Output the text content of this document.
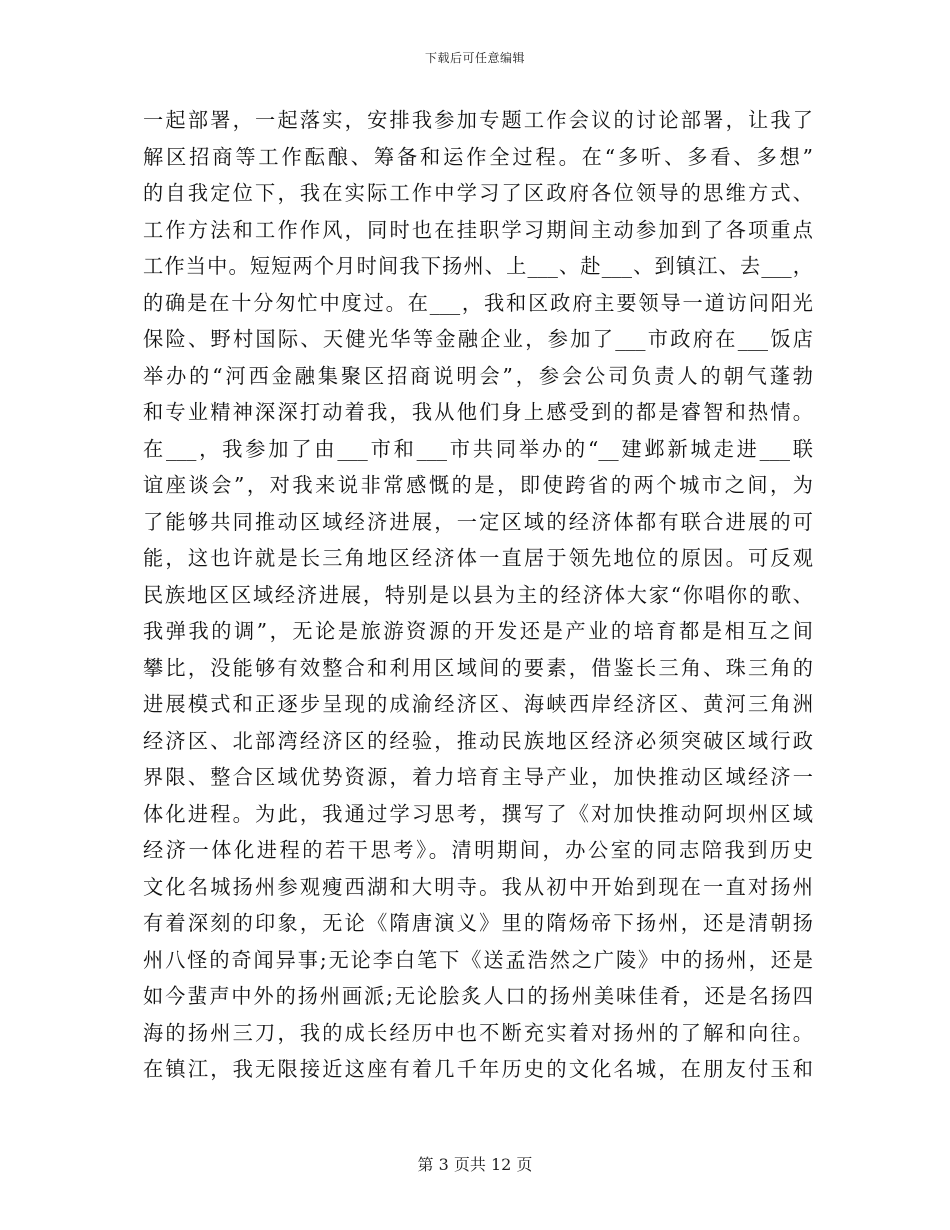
下载后可任意编辑
一起部署，一起落实，安排我参加专题工作会议的讨论部署，让我了
解区招商等工作酝酿、筹备和运作全过程。在“多听、多看、多想”
的自我定位下，我在实际工作中学习了区政府各位领导的思维方式、
工作方法和工作作风，同时也在挂职学习期间主动参加到了各项重点
工作当中。短短两个月时间我下扬州、上___、赴___、到镇江、去___，
的确是在十分匆忙中度过。在___，我和区政府主要领导一道访问阳光
保险、野村国际、天健光华等金融企业，参加了___市政府在___饭店
举办的“河西金融集聚区招商说明会”，参会公司负责人的朝气蓬勃
和专业精神深深打动着我，我从他们身上感受到的都是睿智和热情。
在___，我参加了由___市和___市共同举办的“__建邺新城走进___联
谊座谈会”，对我来说非常感慨的是，即使跨省的两个城市之间，为
了能够共同推动区域经济进展，一定区域的经济体都有联合进展的可
能，这也许就是长三角地区经济体一直居于领先地位的原因。可反观
民族地区区域经济进展，特别是以县为主的经济体大家“你唱你的歌、
我弹我的调”，无论是旅游资源的开发还是产业的培育都是相互之间
攀比，没能够有效整合和利用区域间的要素，借鉴长三角、珠三角的
进展模式和正逐步呈现的成渝经济区、海峡西岸经济区、黄河三角洲
经济区、北部湾经济区的经验，推动民族地区经济必须突破区域行政
界限、整合区域优势资源，着力培育主导产业，加快推动区域经济一
体化进程。为此，我通过学习思考，撰写了《对加快推动阿坝州区域
经济一体化进程的若干思考》。清明期间，办公室的同志陪我到历史
文化名城扬州参观瘦西湖和大明寺。我从初中开始到现在一直对扬州
有着深刻的印象，无论《隋唐演义》里的隋炀帝下扬州，还是清朝扬
州八怪的奇闻异事;无论李白笔下《送孟浩然之广陵》中的扬州，还是
如今蜚声中外的扬州画派;无论脍炙人口的扬州美味佳肴，还是名扬四
海的扬州三刀，我的成长经历中也不断充实着对扬州的了解和向往。
在镇江，我无限接近这座有着几千年历史的文化名城，在朋友付玉和
第 3 页共 12 页
